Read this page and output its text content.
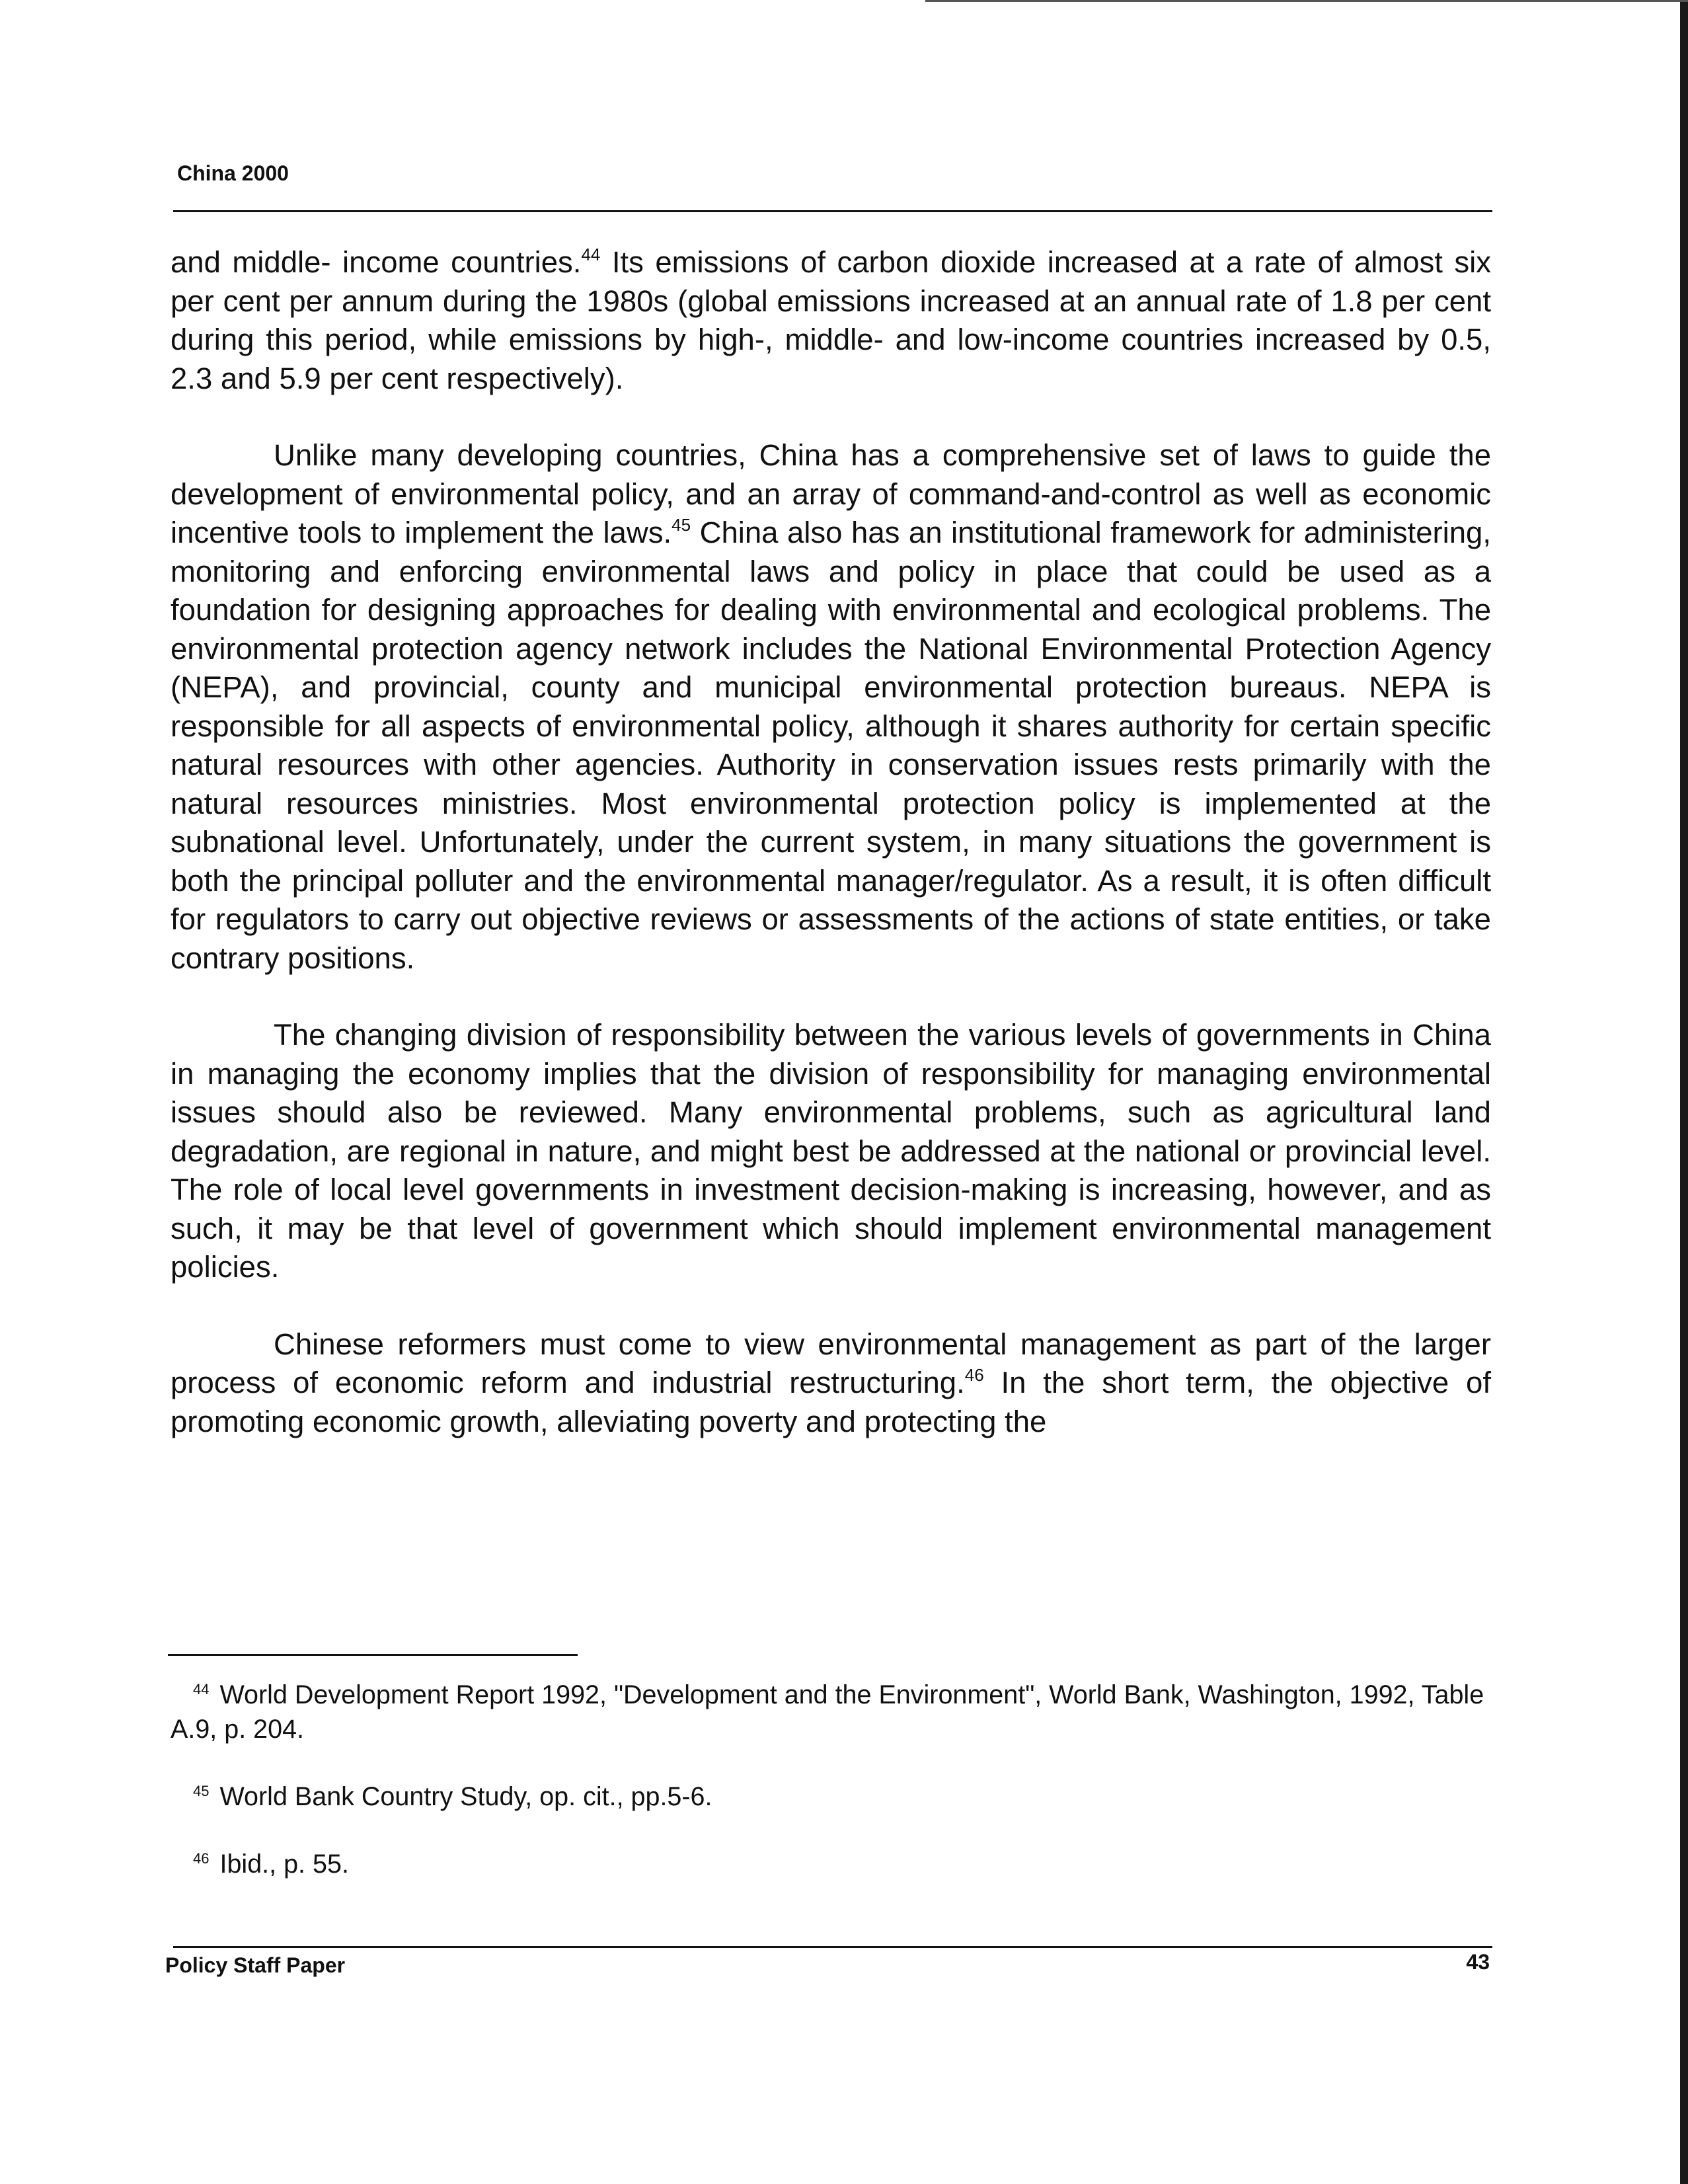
China 2000

and middle- income countries.$^{44}$ Its emissions of carbon dioxide increased at a rate of almost six per cent per annum during the 1980s (global emissions increased at an annual rate of 1.8 per cent during this period, while emissions by high-, middle- and low-income countries increased by 0.5, 2.3 and 5.9 per cent respectively).

Unlike many developing countries, China has a comprehensive set of laws to guide the development of environmental policy, and an array of command-and-control as well as economic incentive tools to implement the laws.$^{45}$ China also has an institutional framework for administering, monitoring and enforcing environmental laws and policy in place that could be used as a foundation for designing approaches for dealing with environmental and ecological problems. The environmental protection agency network includes the National Environmental Protection Agency (NEPA), and provincial, county and municipal environmental protection bureaus. NEPA is responsible for all aspects of environmental policy, although it shares authority for certain specific natural resources with other agencies. Authority in conservation issues rests primarily with the natural resources ministries. Most environmental protection policy is implemented at the subnational level. Unfortunately, under the current system, in many situations the government is both the principal polluter and the environmental manager/regulator. As a result, it is often difficult for regulators to carry out objective reviews or assessments of the actions of state entities, or take contrary positions.

The changing division of responsibility between the various levels of governments in China in managing the economy implies that the division of responsibility for managing environmental issues should also be reviewed. Many environmental problems, such as agricultural land degradation, are regional in nature, and might best be addressed at the national or provincial level. The role of local level governments in investment decision-making is increasing, however, and as such, it may be that level of government which should implement environmental management policies.

Chinese reformers must come to view environmental management as part of the larger process of economic reform and industrial restructuring.$^{46}$ In the short term, the objective of promoting economic growth, alleviating poverty and protecting the

$^{44}$ World Development Report 1992, "Development and the Environment", World Bank, Washington, 1992, Table A.9, p. 204.

$^{45}$ World Bank Country Study, op. cit., pp.5-6.

$^{46}$ Ibid., p. 55.

Policy Staff Paper	43
